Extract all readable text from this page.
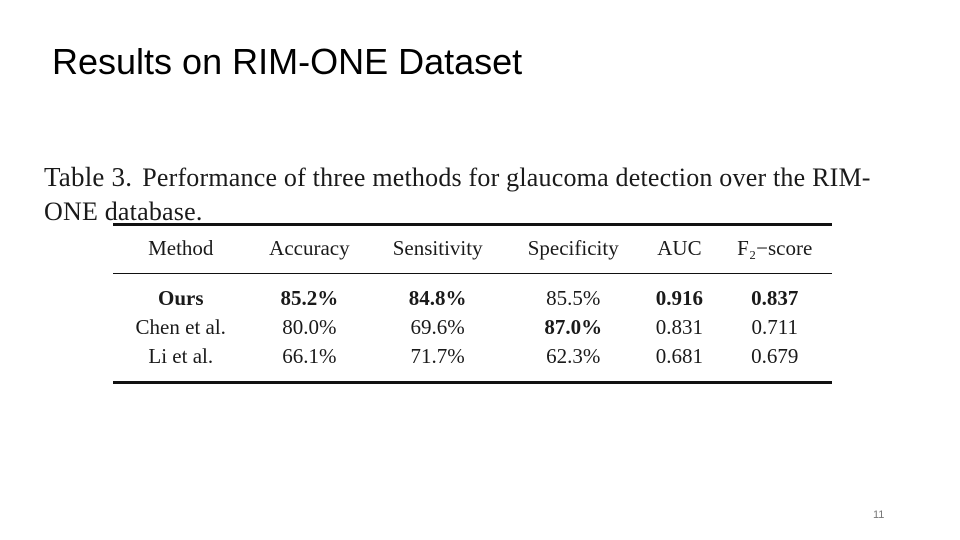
Results on RIM-ONE Dataset

Table 3. Performance of three methods for glaucoma detection over the RIM-ONE database.

Method	Accuracy	Sensitivity	Specificity	AUC	F₂−score
Ours	85.2%	84.8%	85.5%	0.916	0.837
Chen et al.	80.0%	69.6%	87.0%	0.831	0.711
Li et al.	66.1%	71.7%	62.3%	0.681	0.679
11
